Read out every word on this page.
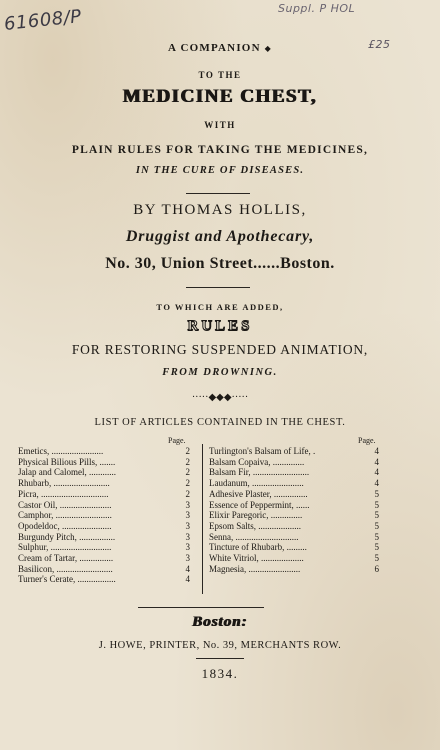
61608/P	Suppl. P HOL
£25
A COMPANION ◆
TO THE
MEDICINE CHEST,
WITH
PLAIN RULES FOR TAKING THE MEDICINES,
IN THE CURE OF DISEASES.
BY THOMAS HOLLIS,
Druggist and Apothecary,
No. 30, Union Street......Boston.
TO WHICH ARE ADDED,
RULES
FOR RESTORING SUSPENDED ANIMATION,
FROM DROWNING.
·····◆◆◆·····
LIST OF ARTICLES CONTAINED IN THE CHEST.
Page.	Page.
Emetics, .......................	2
Physical Bilious Pills, .......	2
Jalap and Calomel, ............	2
Rhubarb, .........................	2
Picra, ..............................	2
Castor Oil, .......................	3
Camphor, .........................	3
Opodeldoc, ......................	3
Burgundy Pitch, ................	3
Sulphur, ...........................	3
Cream of Tartar, ...............	3
Basilicon, .........................	4
Turner's Cerate, .................	4
Turlington's Balsam of Life, .	4
Balsam Copaiva, ..............	4
Balsam Fir, .........................	4
Laudanum, .......................	4
Adhesive Plaster, ...............	5
Essence of Peppermint, ......	5
Elixir Paregoric, ..............	5
Epsom Salts, ...................	5
Senna, ............................	5
Tincture of Rhubarb, .........	5
White Vitriol, ...................	5
Magnesia, .......................	6
Boston:
J. HOWE, PRINTER, No. 39, MERCHANTS ROW.
1834.
